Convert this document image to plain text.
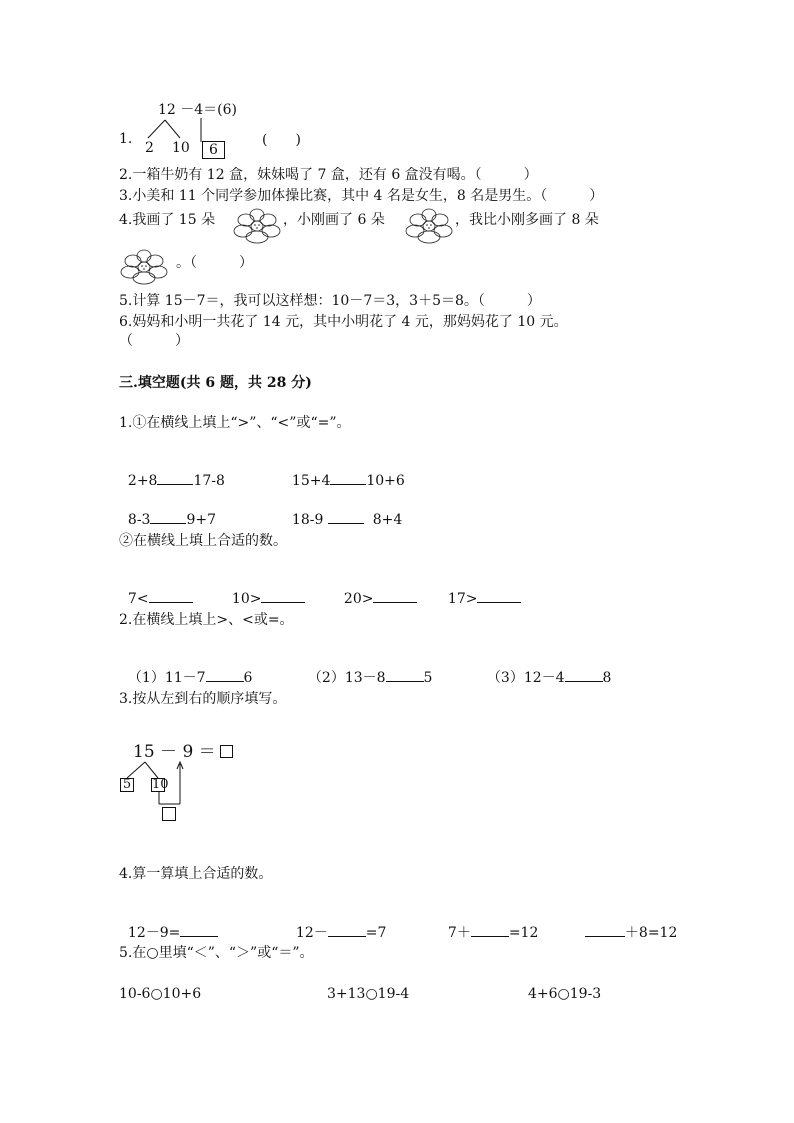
1.
12 －4＝(6)
2 10	6
(　　)
2.一箱牛奶有 12 盒，妹妹喝了 7 盒，还有 6 盒没有喝。（　　　）
3.小美和 11 个同学参加体操比赛，其中 4 名是女生，8 名是男生。（　　　）
4.我画了 15 朵	，小刚画了 6 朵	，我比小刚多画了 8 朵
。（　　　）
5.计算 15－7＝，我可以这样想：10－7＝3，3＋5＝8。（　　　）
6.妈妈和小明一共花了 14 元，其中小明花了 4 元，那妈妈花了 10 元。
（　　　）
三.填空题(共 6 题，共 28 分)
1.①在横线上填上“>”、“<”或“=”。

2+8	17-8	15+4	10+6

8-3	9+7	18-9	8+4

②在横线上填上合适的数。

7<	10>	20>	17>

2.在横线上填上>、<或=。

（1）11－7	6	（2）13－8	5	（3）12－4	8

3.按从左到右的顺序填写。
15 － 9 ＝
5 10
4.算一算填上合适的数。

12－9=	12－	=7	7＋	=12	＋8=12

5.在○里填“＜”、“＞”或“＝”。
10-6○10+6	3+13○19-4	4+6○19-3
